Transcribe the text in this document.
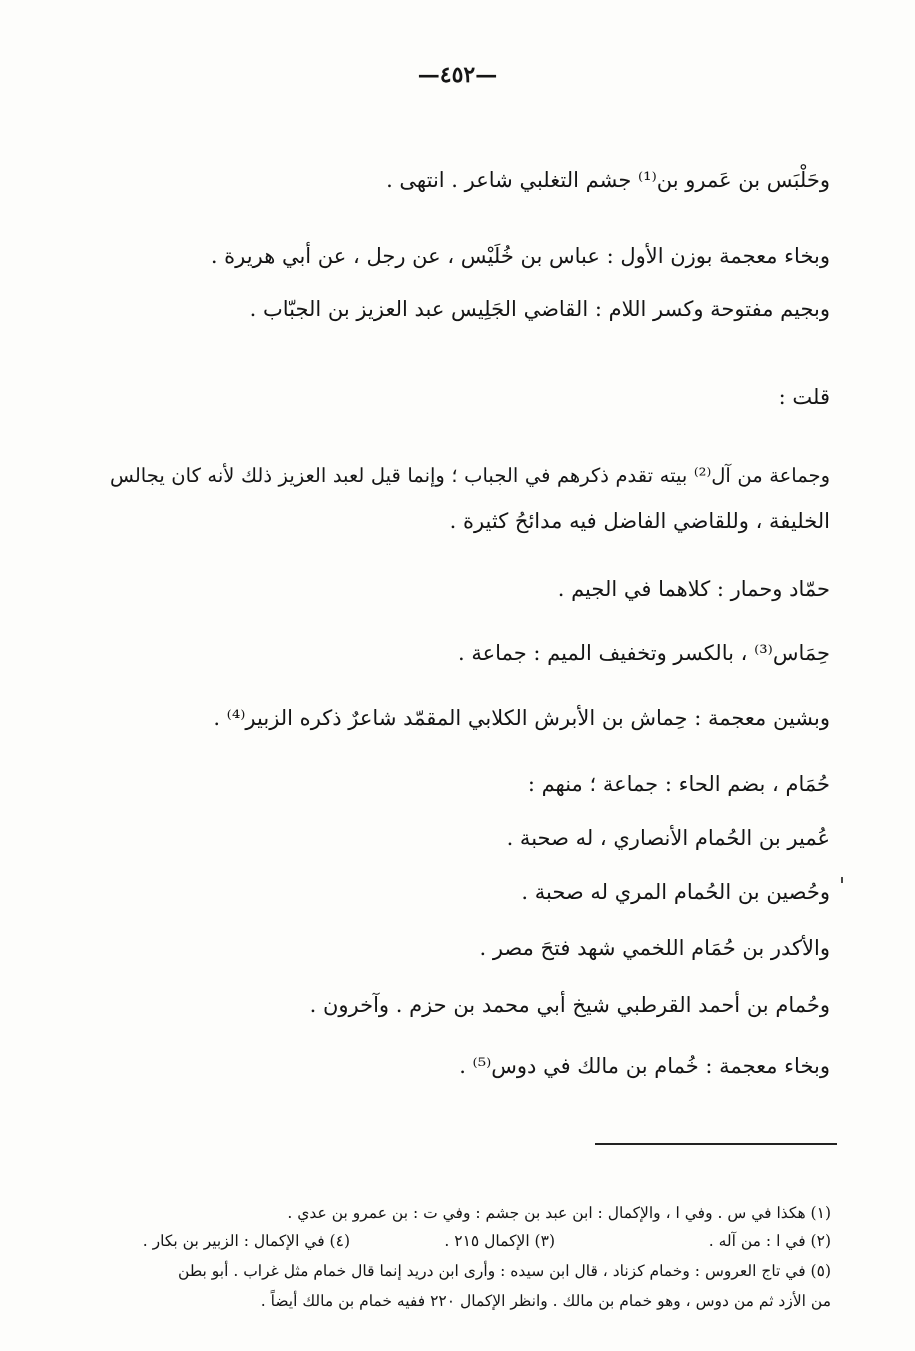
—٤٥٢—
وحَلْبَس بن عَمرو بن⁽¹⁾ جشم التغلبي شاعر . انتهى .
وبخاء معجمة بوزن الأول : عباس بن خُلَيْس ، عن رجل ، عن أبي هريرة .
وبجيم مفتوحة وكسر اللام : القاضي الجَلِيس عبد العزيز بن الجبّاب .
قلت :
وجماعة من آل⁽²⁾ بيته تقدم ذكرهم في الجباب ؛ وإنما قيل لعبد العزيز ذلك لأنه كان يجالس
الخليفة ، وللقاضي الفاضل فيه مدائحُ كثيرة .
حمّاد وحمار : كلاهما في الجيم .
حِمَاس⁽³⁾ ، بالكسر وتخفيف الميم : جماعة .
وبشين معجمة : حِماش بن الأبرش الكلابي المقمّد شاعرٌ ذكره الزبير⁽⁴⁾ .
حُمَام ، بضم الحاء : جماعة ؛ منهم :
عُمير بن الحُمام الأنصاري ، له صحبة .
وحُصين بن الحُمام المري له صحبة .
والأكدر بن حُمَام اللخمي شهد فتحَ مصر .
وحُمام بن أحمد القرطبي شيخ أبي محمد بن حزم . وآخرون .
وبخاء معجمة : خُمام بن مالك في دوس⁽⁵⁾ .
(١) هكذا في س . وفي ا ، والإكمال : ابن عبد بن جشم : وفي ت : بن عمرو بن عدي .
(٢) في ا : من آله .
(٣) الإكمال ٢١٥ .
(٤) في الإكمال : الزبير بن بكار .
(٥) في تاج العروس : وخمام كزناد ، قال ابن سيده : وأرى ابن دريد إنما قال خمام مثل غراب . أبو بطن
من الأزد ثم من دوس ، وهو خمام بن مالك . وانظر الإكمال ٢٢٠ ففيه خمام بن مالك أيضاً .
